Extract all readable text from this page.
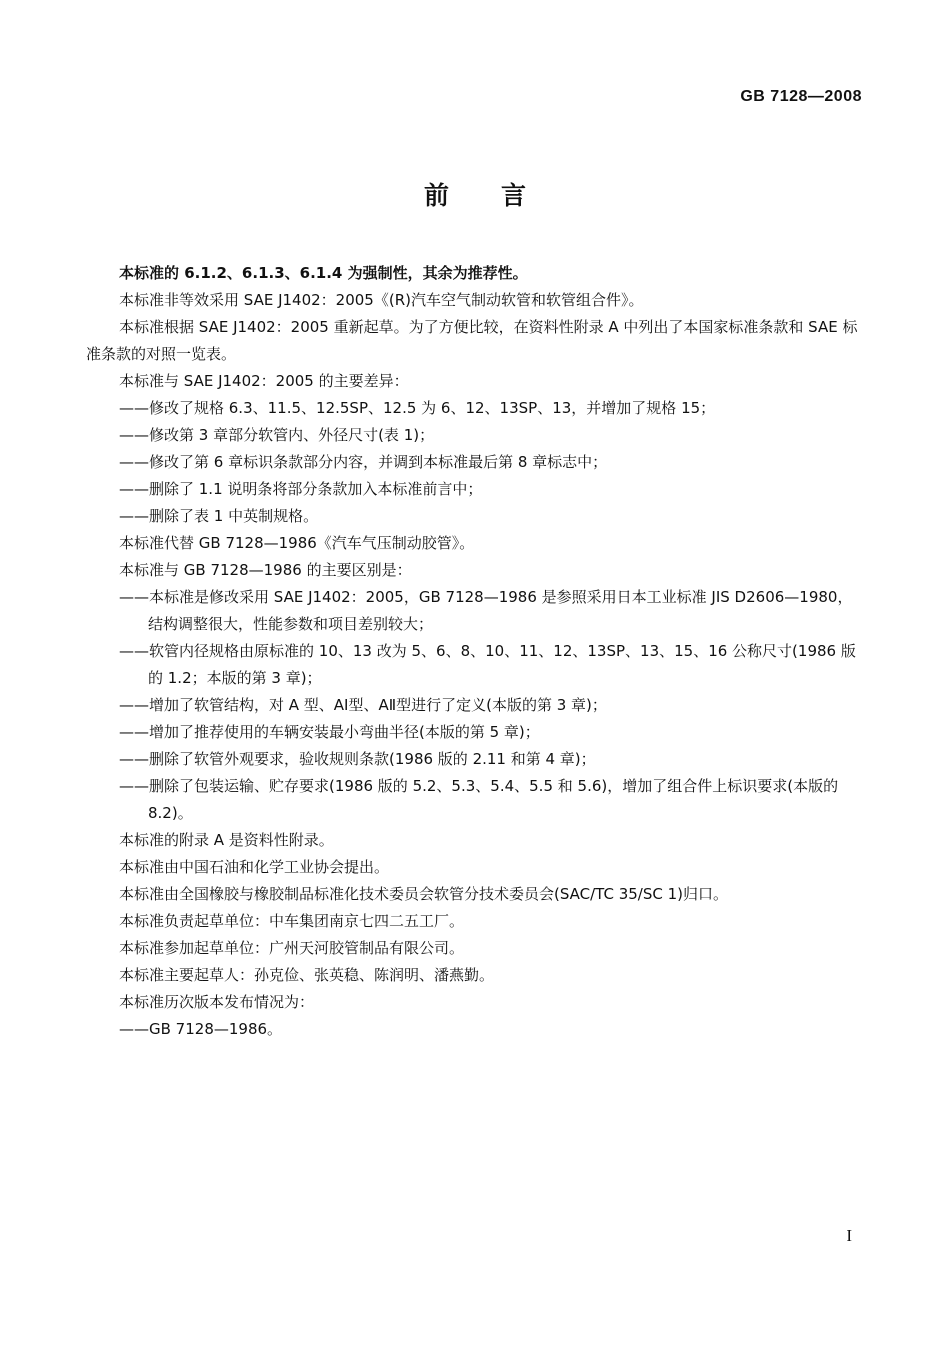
GB 7128—2008
前言

本标准的 6.1.2、6.1.3、6.1.4 为强制性，其余为推荐性。

本标准非等效采用 SAE J1402：2005《(R)汽车空气制动软管和软管组合件》。

本标准根据 SAE J1402：2005 重新起草。为了方便比较，在资料性附录 A 中列出了本国家标准条款和 SAE 标准条款的对照一览表。

本标准与 SAE J1402：2005 的主要差异：

——修改了规格 6.3、11.5、12.5SP、12.5 为 6、12、13SP、13，并增加了规格 15；

——修改第 3 章部分软管内、外径尺寸(表 1)；

——修改了第 6 章标识条款部分内容，并调到本标准最后第 8 章标志中；

——删除了 1.1 说明条将部分条款加入本标准前言中；

——删除了表 1 中英制规格。

本标准代替 GB 7128—1986《汽车气压制动胶管》。

本标准与 GB 7128—1986 的主要区别是：

——本标准是修改采用 SAE J1402：2005，GB 7128—1986 是参照采用日本工业标准 JIS D2606—1980，结构调整很大，性能参数和项目差别较大；

——软管内径规格由原标准的 10、13 改为 5、6、8、10、11、12、13SP、13、15、16 公称尺寸(1986 版的 1.2；本版的第 3 章)；

——增加了软管结构，对 A 型、AⅠ型、AⅡ型进行了定义(本版的第 3 章)；

——增加了推荐使用的车辆安装最小弯曲半径(本版的第 5 章)；

——删除了软管外观要求，验收规则条款(1986 版的 2.11 和第 4 章)；

——删除了包装运输、贮存要求(1986 版的 5.2、5.3、5.4、5.5 和 5.6)，增加了组合件上标识要求(本版的 8.2)。

本标准的附录 A 是资料性附录。

本标准由中国石油和化学工业协会提出。

本标准由全国橡胶与橡胶制品标准化技术委员会软管分技术委员会(SAC/TC 35/SC 1)归口。

本标准负责起草单位：中车集团南京七四二五工厂。

本标准参加起草单位：广州天河胶管制品有限公司。

本标准主要起草人：孙克俭、张英稳、陈润明、潘燕勤。

本标准历次版本发布情况为：

——GB 7128—1986。

I
